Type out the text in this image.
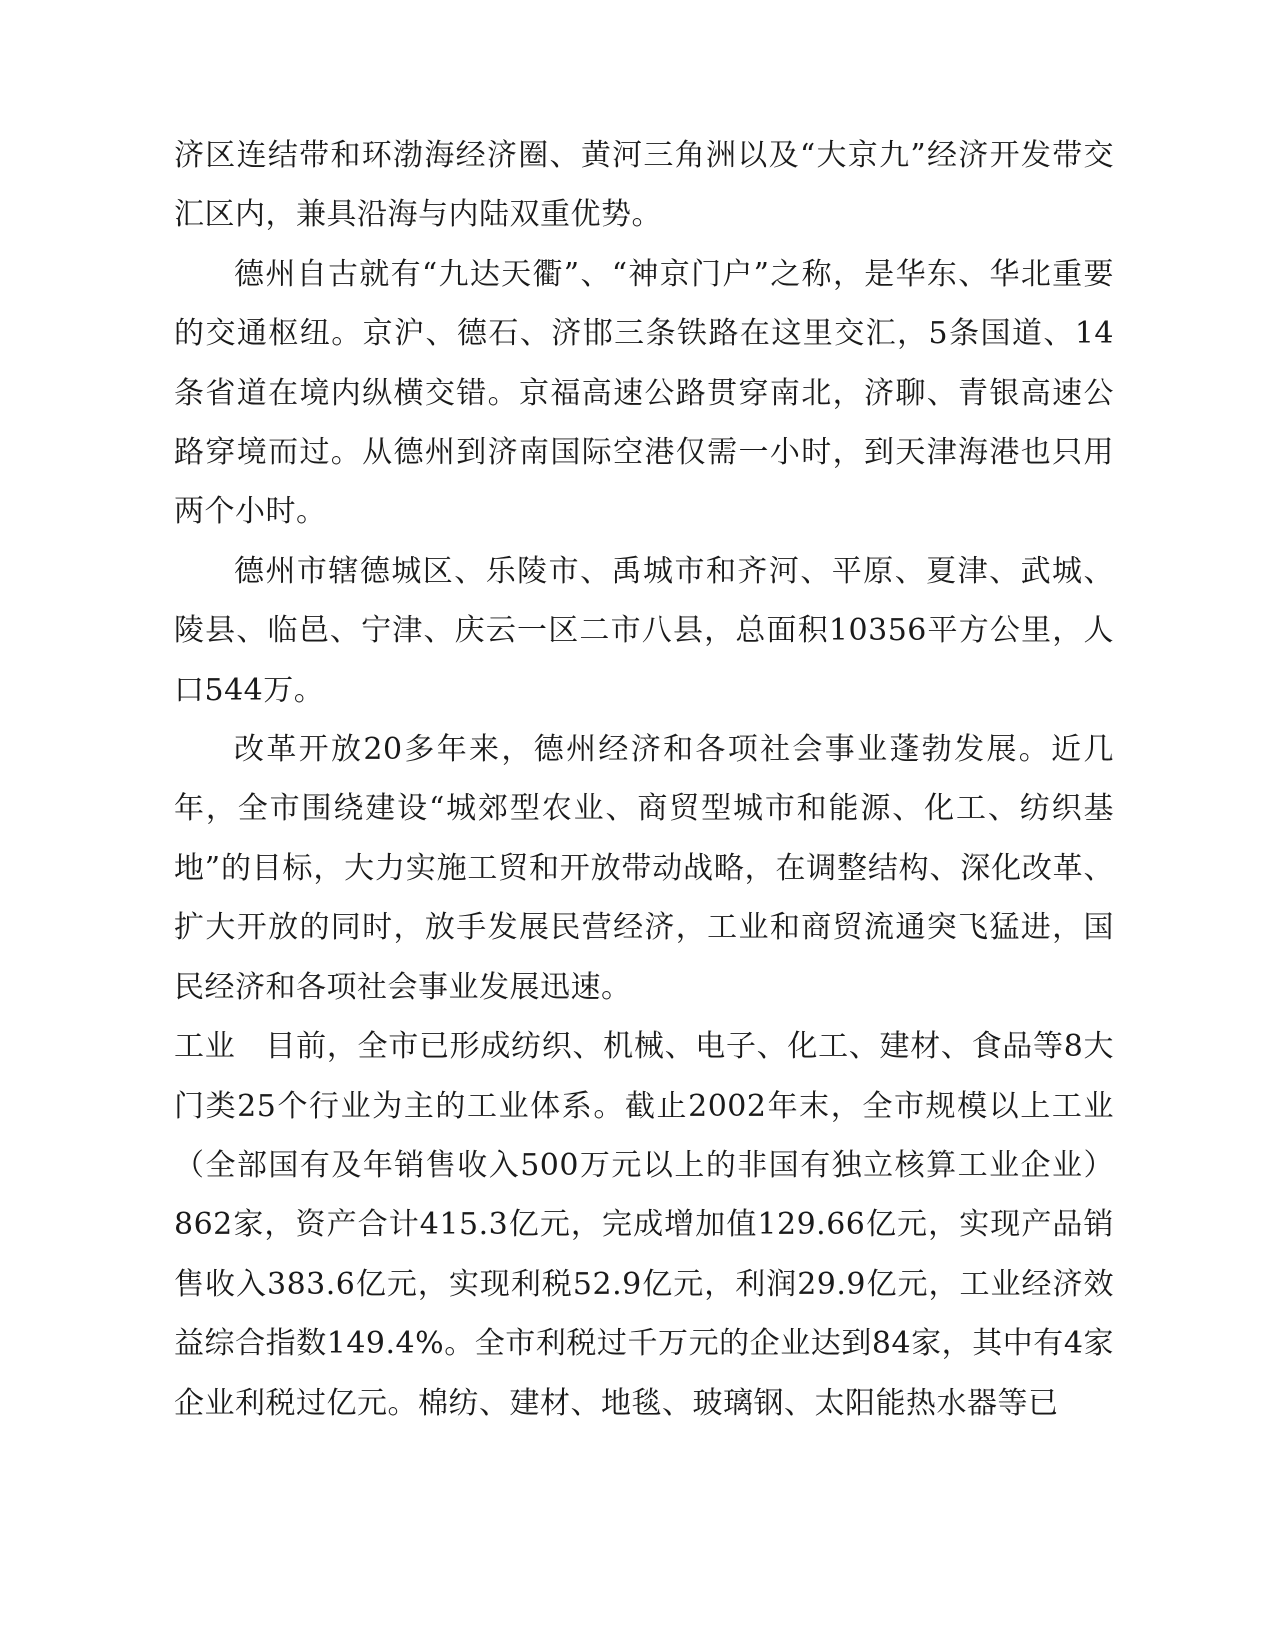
济区连结带和环渤海经济圈、黄河三角洲以及“大京九”经济开发带交汇区内，兼具沿海与内陆双重优势。

德州自古就有“九达天衢”、“神京门户”之称，是华东、华北重要的交通枢纽。京沪、德石、济邯三条铁路在这里交汇，5条国道、14条省道在境内纵横交错。京福高速公路贯穿南北，济聊、青银高速公路穿境而过。从德州到济南国际空港仅需一小时，到天津海港也只用两个小时。

德州市辖德城区、乐陵市、禹城市和齐河、平原、夏津、武城、陵县、临邑、宁津、庆云一区二市八县，总面积10356平方公里，人口544万。

改革开放20多年来，德州经济和各项社会事业蓬勃发展。近几年，全市围绕建设“城郊型农业、商贸型城市和能源、化工、纺织基地”的目标，大力实施工贸和开放带动战略，在调整结构、深化改革、扩大开放的同时，放手发展民营经济，工业和商贸流通突飞猛进，国民经济和各项社会事业发展迅速。

工业 目前，全市已形成纺织、机械、电子、化工、建材、食品等8大门类25个行业为主的工业体系。截止2002年末，全市规模以上工业（全部国有及年销售收入500万元以上的非国有独立核算工业企业）862家，资产合计415.3亿元，完成增加值129.66亿元，实现产品销售收入383.6亿元，实现利税52.9亿元，利润29.9亿元，工业经济效益综合指数149.4%。全市利税过千万元的企业达到84家，其中有4家企业利税过亿元。棉纺、建材、地毯、玻璃钢、太阳能热水器等已
